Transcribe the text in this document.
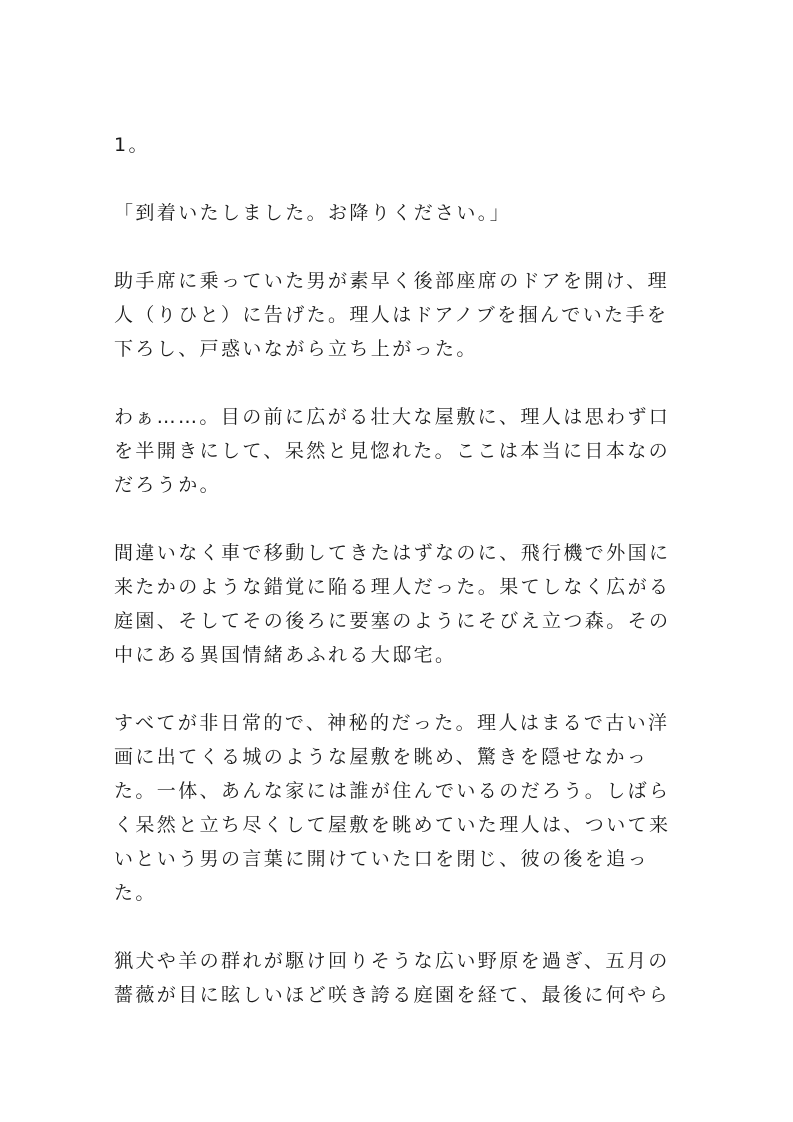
1。

「到着いたしました。お降りください。」

助手席に乗っていた男が素早く後部座席のドアを開け、理
人（りひと）に告げた。理人はドアノブを掴んでいた手を
下ろし、戸惑いながら立ち上がった。

わぁ……。目の前に広がる壮大な屋敷に、理人は思わず口
を半開きにして、呆然と見惚れた。ここは本当に日本なの
だろうか。

間違いなく車で移動してきたはずなのに、飛行機で外国に
来たかのような錯覚に陥る理人だった。果てしなく広がる
庭園、そしてその後ろに要塞のようにそびえ立つ森。その
中にある異国情緒あふれる大邸宅。

すべてが非日常的で、神秘的だった。理人はまるで古い洋
画に出てくる城のような屋敷を眺め、驚きを隠せなかっ
た。一体、あんな家には誰が住んでいるのだろう。しばら
く呆然と立ち尽くして屋敷を眺めていた理人は、ついて来
いという男の言葉に開けていた口を閉じ、彼の後を追っ
た。

猟犬や羊の群れが駆け回りそうな広い野原を過ぎ、五月の
薔薇が目に眩しいほど咲き誇る庭園を経て、最後に何やら
